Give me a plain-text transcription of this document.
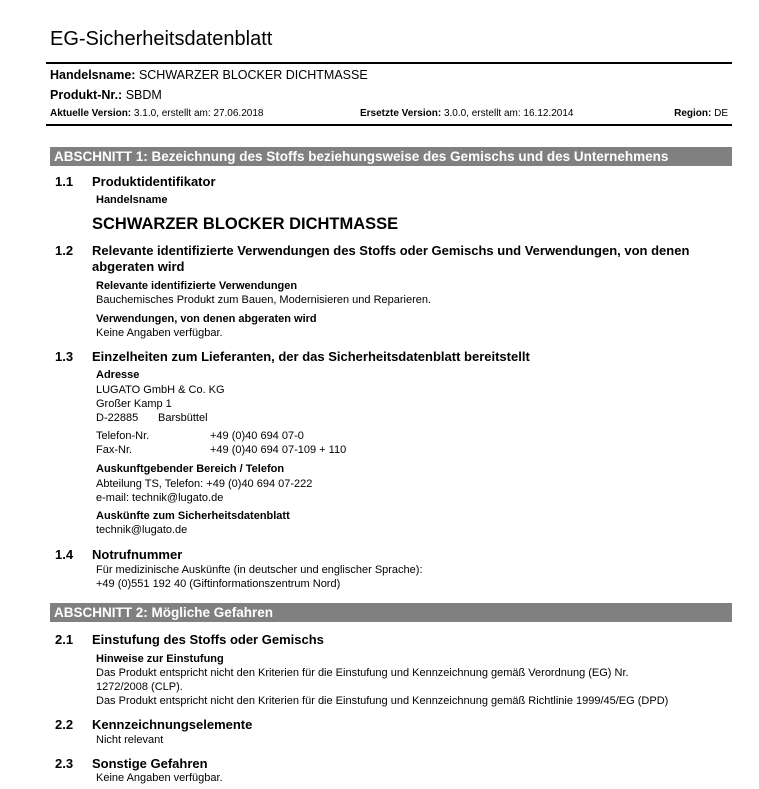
EG-Sicherheitsdatenblatt
Handelsname: SCHWARZER BLOCKER DICHTMASSE
Produkt-Nr.: SBDM
Aktuelle Version: 3.1.0, erstellt am: 27.06.2018	Ersetzte Version: 3.0.0, erstellt am: 16.12.2014	Region: DE
ABSCHNITT 1: Bezeichnung des Stoffs beziehungsweise des Gemischs und des Unternehmens
1.1 Produktidentifikator
Handelsname
SCHWARZER BLOCKER DICHTMASSE
1.2 Relevante identifizierte Verwendungen des Stoffs oder Gemischs und Verwendungen, von denen abgeraten wird
Relevante identifizierte Verwendungen
Bauchemisches Produkt zum Bauen, Modernisieren und Reparieren.
Verwendungen, von denen abgeraten wird
Keine Angaben verfügbar.
1.3 Einzelheiten zum Lieferanten, der das Sicherheitsdatenblatt bereitstellt
Adresse
LUGATO GmbH & Co. KG
Großer Kamp 1
D-22885 Barsbüttel
Telefon-Nr.	+49 (0)40 694 07-0
Fax-Nr.	+49 (0)40 694 07-109 + 110
Auskunftgebender Bereich / Telefon
Abteilung TS, Telefon: +49 (0)40 694 07-222
e-mail: technik@lugato.de
Auskünfte zum Sicherheitsdatenblatt
technik@lugato.de
1.4 Notrufnummer
Für medizinische Auskünfte (in deutscher und englischer Sprache):
+49 (0)551 192 40 (Giftinformationszentrum Nord)
ABSCHNITT 2: Mögliche Gefahren
2.1 Einstufung des Stoffs oder Gemischs
Hinweise zur Einstufung
Das Produkt entspricht nicht den Kriterien für die Einstufung und Kennzeichnung gemäß Verordnung (EG) Nr.
1272/2008 (CLP).
Das Produkt entspricht nicht den Kriterien für die Einstufung und Kennzeichnung gemäß Richtlinie 1999/45/EG (DPD)
2.2 Kennzeichnungselemente
Nicht relevant
2.3 Sonstige Gefahren
Keine Angaben verfügbar.
